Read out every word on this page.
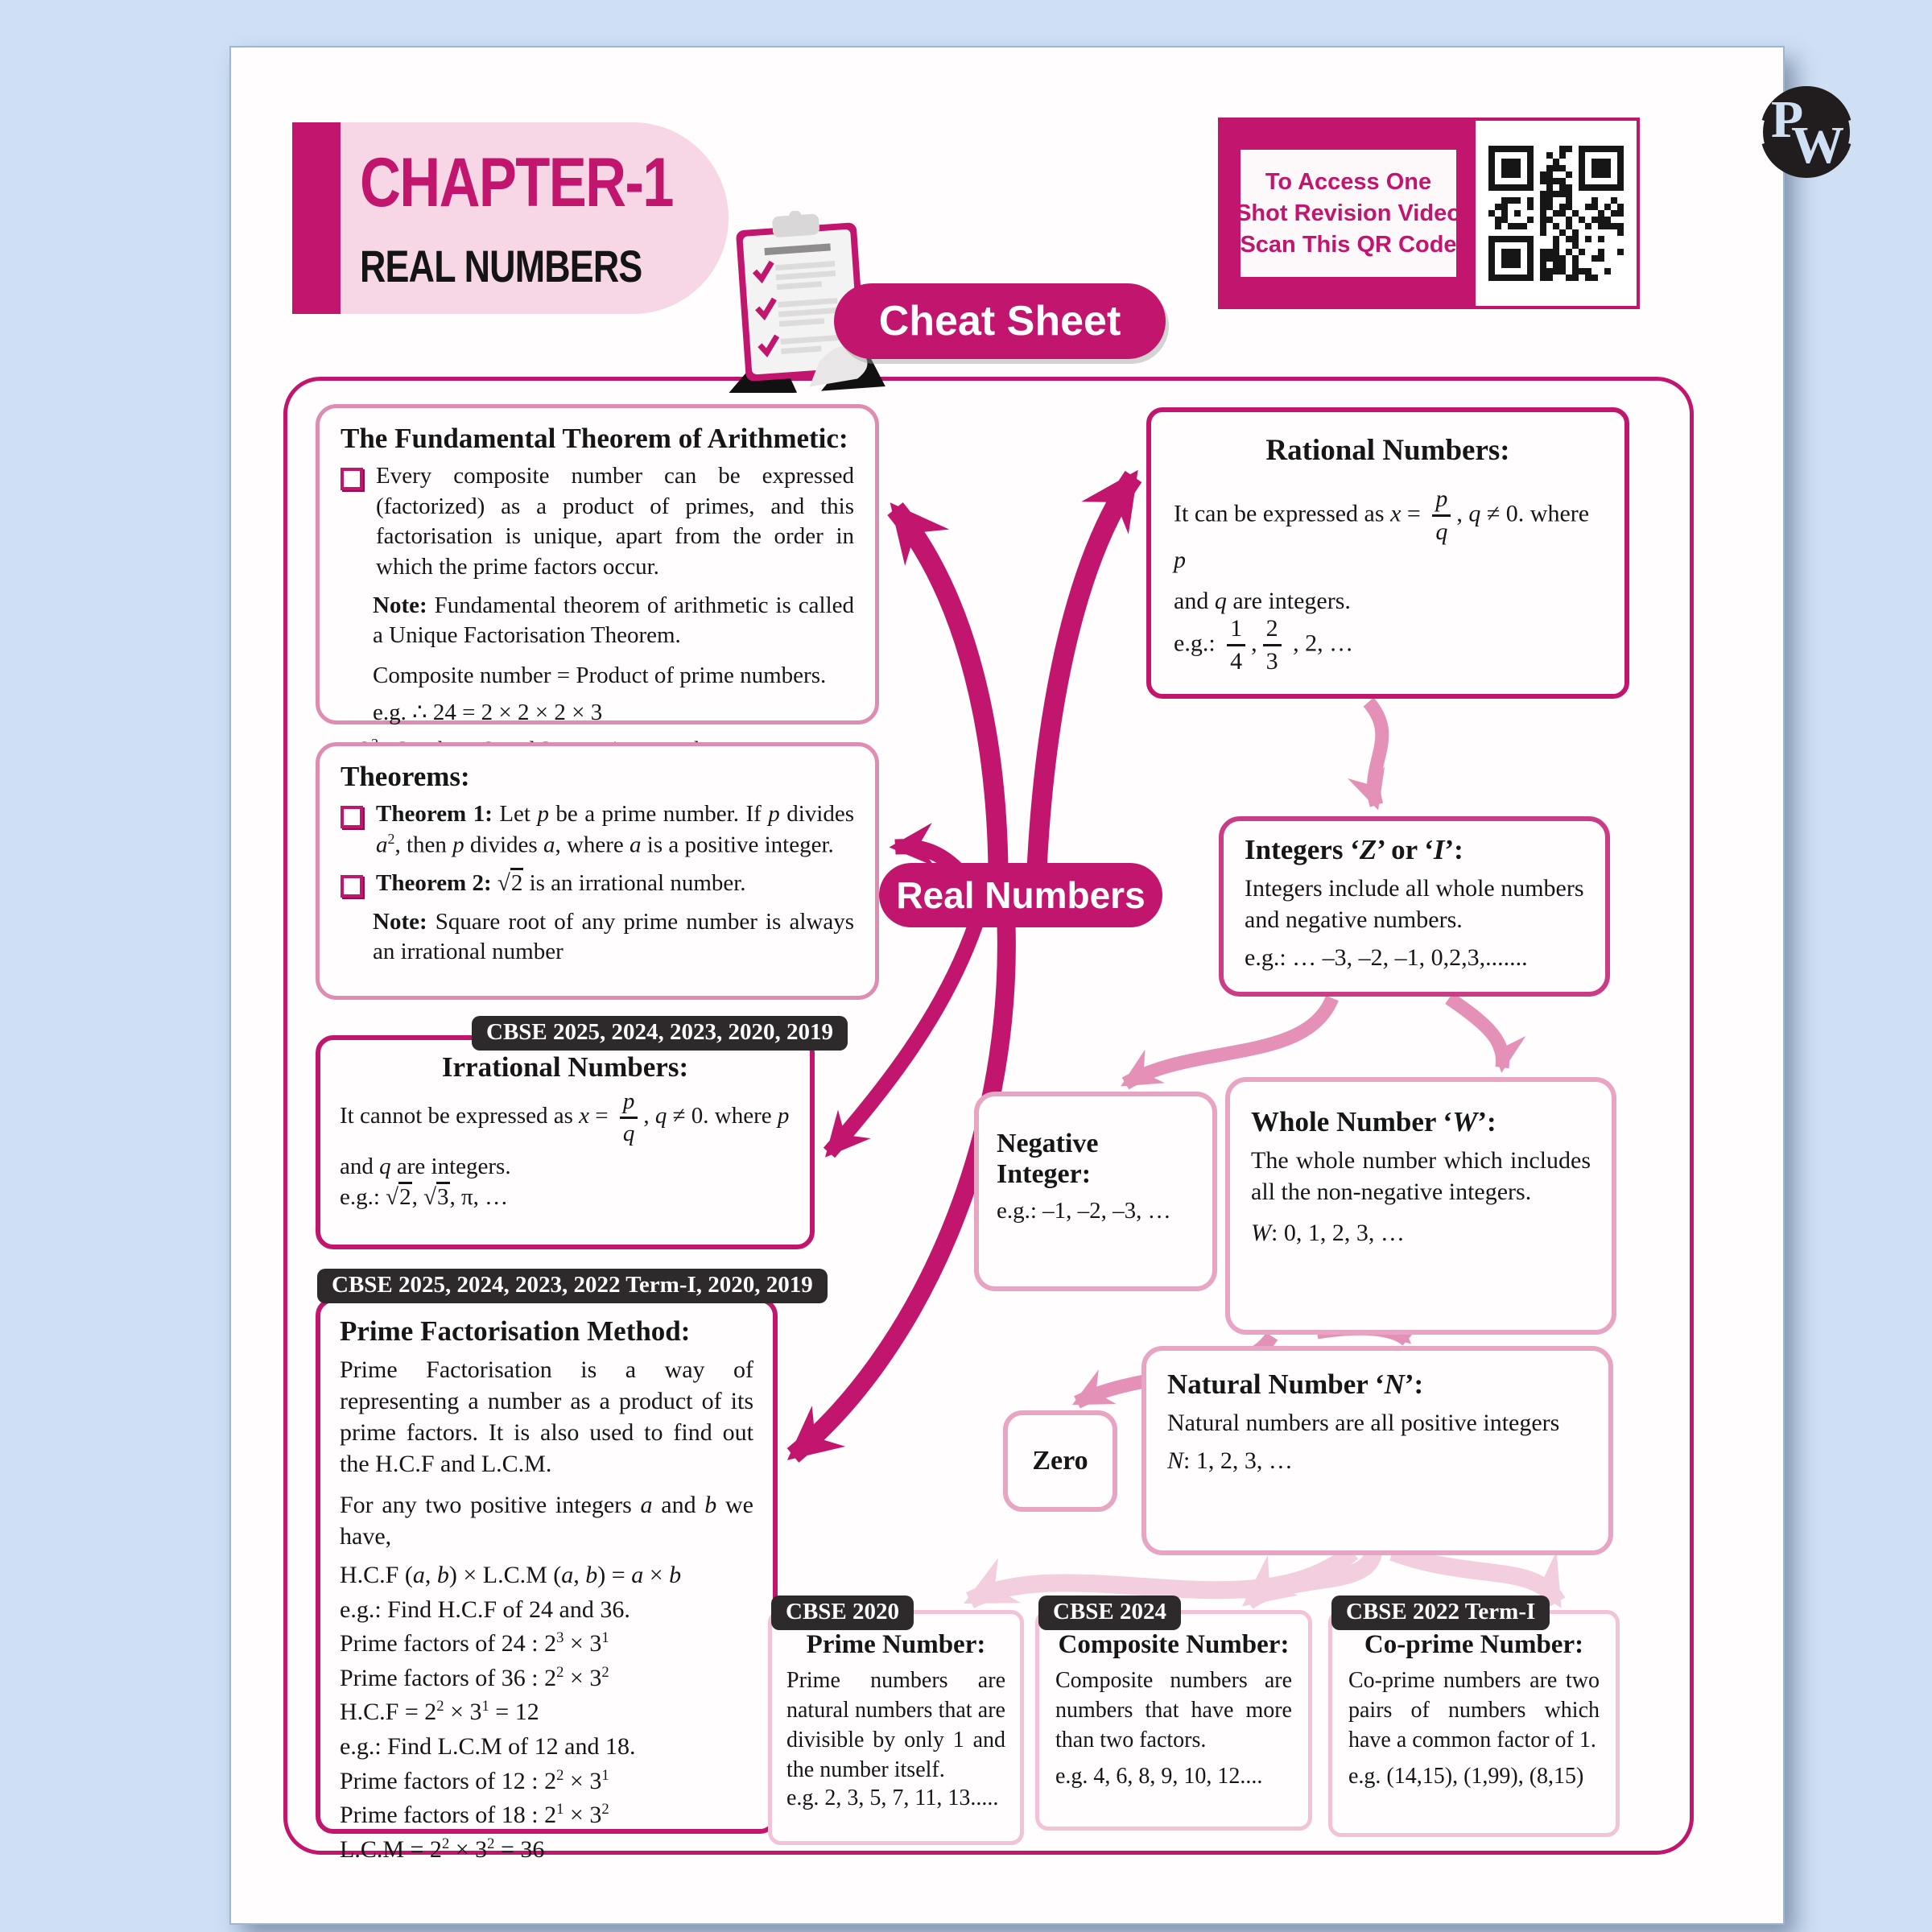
P
W
CHAPTER-1
REAL NUMBERS
Cheat Sheet
To Access One
Shot Revision Video
Scan This QR Code
The Fundamental Theorem of Arithmetic:
Every composite number can be expressed (factorized) as a product of primes, and this factorisation is unique, apart from the order in which the prime factors occur.
Note: Fundamental theorem of arithmetic is called a Unique Factorisation Theorem.
Composite number = Product of prime numbers.
e.g. ∴ 24 = 2 × 2 × 2 × 3
Theorems:
Theorem 1: Let p be a prime number. If p divides $a^2$, then p divides a, where a is a positive integer.
Theorem 2: √2 is an irrational number.
Note: Square root of any prime number is always an irrational number
CBSE 2025, 2024, 2023, 2020, 2019
Irrational Numbers:
It cannot be expressed as $x = \frac{p}{q}$ , q ≠ 0. where p
and q are integers.
e.g.: √2, √3, π, …
CBSE 2025, 2024, 2023, 2022 Term-I, 2020, 2019
Prime Factorisation Method:
Prime Factorisation is a way of representing a number as a product of its prime factors. It is also used to find out the H.C.F and L.C.M.
For any two positive integers a and b we have,
H.C.F (a, b) × L.C.M (a, b) = a × b
e.g.: Find H.C.F of 24 and 36.
Prime factors of 24 : $2^3 \times 3^1$
Prime factors of 36 : $2^2 \times 3^2$
$H.C.F = 2^2 \times 3^1 = 12$
e.g.: Find L.C.M of 12 and 18.
Prime factors of 12 : $2^2 \times 3^1$
Prime factors of 18 : $2^1 \times 3^2$
$L.C.M = 2^2 \times 3^2 = 36$
Rational Numbers:
It can be expressed as $x = \frac{p}{q}$ , q ≠ 0. where p
and q are integers.
e.g.: $\frac{1}{4}$ , $\frac{2}{3}$ , 2, …
Integers ‘Z’ or ‘I’:
Integers include all whole numbers and negative numbers.
e.g.: … –3, –2, –1, 0,2,3,.......
Negative Integer:
e.g.: –1, –2, –3, …
Whole Number ‘W’:
The whole number which includes all the non-negative integers.
W: 0, 1, 2, 3, …
Zero
Natural Number ‘N’:
Natural numbers are all positive integers
N: 1, 2, 3, …
CBSE 2020
Prime Number:
Prime numbers are natural numbers that are divisible by only 1 and the number itself.
e.g. 2, 3, 5, 7, 11, 13.....
CBSE 2024
Composite Number:
Composite numbers are numbers that have more than two factors.
e.g. 4, 6, 8, 9, 10, 12....
CBSE 2022 Term-I
Co-prime Number:
Co-prime numbers are two pairs of numbers which have a common factor of 1.
e.g. (14,15), (1,99), (8,15)
Real Numbers
